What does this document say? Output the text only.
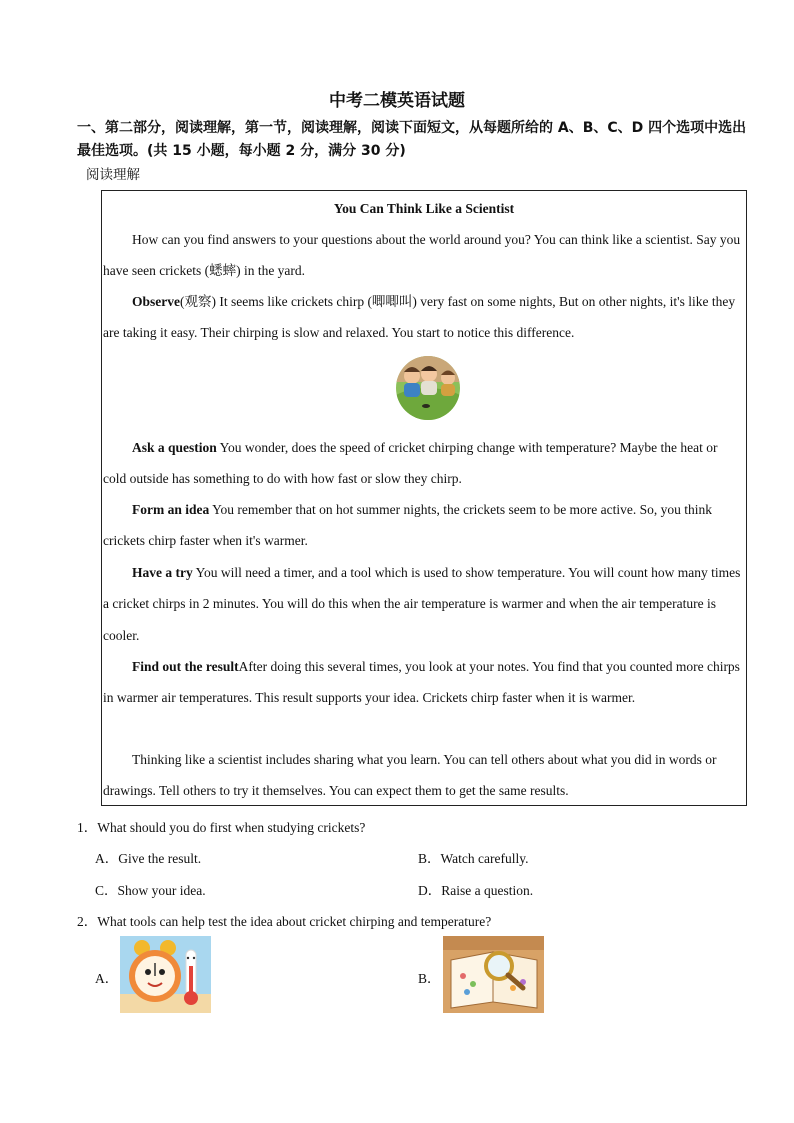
中考二模英语试题
一、第二部分，阅读理解，第一节，阅读理解，阅读下面短文，从每题所给的 A、B、C、D 四个选项中选出最佳选项。(共 15 小题，每小题 2 分，满分 30 分)
阅读理解
You Can Think Like a Scientist

How can you find answers to your questions about the world around you? You can think like a scientist. Say you have seen crickets (蟋蟀) in the yard.

Observe(观察) It seems like crickets chirp (唧唧叫) very fast on some nights, But on other nights, it's like they are taking it easy. Their chirping is slow and relaxed. You start to notice this difference.

Ask a question You wonder, does the speed of cricket chirping change with temperature? Maybe the heat or cold outside has something to do with how fast or slow they chirp.

Form an idea You remember that on hot summer nights, the crickets seem to be more active. So, you think crickets chirp faster when it's warmer.

Have a try You will need a timer, and a tool which is used to show temperature. You will count how many times a cricket chirps in 2 minutes. You will do this when the air temperature is warmer and when the air temperature is cooler.

Find out the resultAfter doing this several times, you look at your notes. You find that you counted more chirps in warmer air temperatures. This result supports your idea. Crickets chirp faster when it is warmer.

Thinking like a scientist includes sharing what you learn. You can tell others about what you did in words or drawings. Tell others to try it themselves. You can expect them to get the same results.

1．What should you do first when studying crickets?
A．Give the result.	B．Watch carefully.
C．Show your idea.	D．Raise a question.
2．What tools can help test the idea about cricket chirping and temperature?
A．	B．
